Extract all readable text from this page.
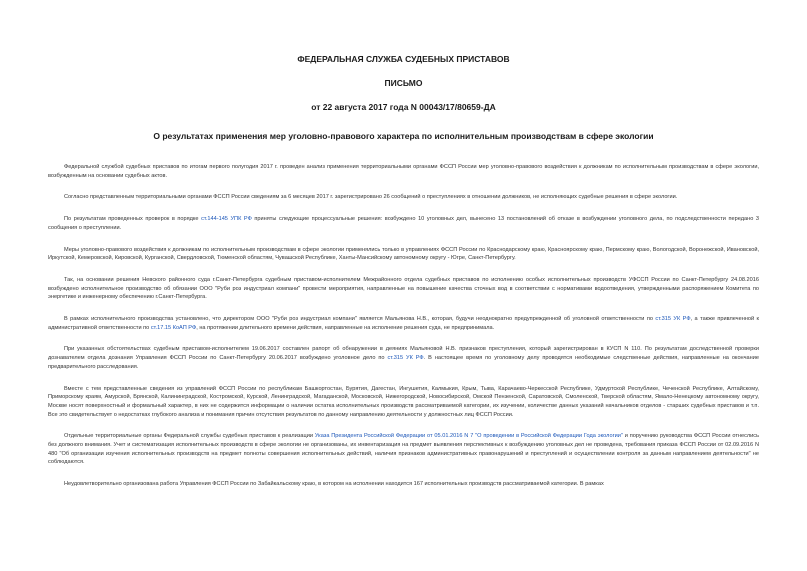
ФЕДЕРАЛЬНАЯ СЛУЖБА СУДЕБНЫХ ПРИСТАВОВ
ПИСЬМО
от 22 августа 2017 года N 00043/17/80659-ДА
О результатах применения мер уголовно-правового характера по исполнительным производствам в сфере экологии

Федеральной службой судебных приставов по итогам первого полугодия 2017 г. проведен анализ применения территориальными органами ФССП России мер уголовно-правового воздействия к должникам по исполнительным производствам в сфере экологии, возбужденным на основании судебных актов.

Согласно представленным территориальными органами ФССП России сведениям за 6 месяцев 2017 г. зарегистрировано 26 сообщений о преступлениях в отношении должников, не исполняющих судебные решения в сфере экологии.

По результатам проведенных проверок в порядке ст.144-145 УПК РФ приняты следующие процессуальные решения: возбуждено 10 уголовных дел, вынесено 13 постановлений об отказе в возбуждении уголовного дела, по подследственности передано 3 сообщения о преступлении.

Меры уголовно-правового воздействия к должникам по исполнительным производствам в сфере экологии применялись только в управлениях ФССП России по Краснодарскому краю, Красноярскому краю, Пермскому краю, Вологодской, Воронежской, Ивановской, Иркутской, Кемеровской, Кировской, Курганской, Свердловской, Тюменской областям, Чувашской Республике, Ханты-Мансийскому автономному округу - Югре, Санкт-Петербургу.

Так, на основании решения Невского районного суда г.Санкт-Петербурга судебным приставом-исполнителем Межрайонного отдела судебных приставов по исполнению особых исполнительных производств УФССП России по Санкт-Петербургу 24.08.2016 возбуждено исполнительное производство об обязании ООО "Руби роз индустриал компани" провести мероприятия, направленные на повышение качества сточных вод в соответствии с нормативами водоотведения, утвержденными распоряжением Комитета по энергетике и инженерному обеспечению г.Санкт-Петербурга.

В рамках исполнительного производства установлено, что директором ООО "Руби роз индустриал компани" является Мальянова Н.В., которая, будучи неоднократно предупрежденной об уголовной ответственности по ст.315 УК РФ, а также привлеченной к административной ответственности по ст.17.15 КоАП РФ, на протяжении длительного времени действия, направленные на исполнение решения суда, не предпринимала.

При указанных обстоятельствах судебным приставом-исполнителем 19.06.2017 составлен рапорт об обнаружении в деяниях Мальяновой Н.В. признаков преступления, который зарегистрирован в КУСП N 110. По результатам доследственной проверки дознавателем отдела дознания Управления ФССП России по Санкт-Петербургу 20.06.2017 возбуждено уголовное дело по ст.315 УК РФ. В настоящее время по уголовному делу проводятся необходимые следственные действия, направленные на окончание предварительного расследования.

Вместе с тем представленные сведения из управлений ФССП России по республикам Башкортостан, Бурятия, Дагестан, Ингушетия, Калмыкия, Крым, Тыва, Карачаево-Черкесской Республике, Удмуртской Республике, Чеченской Республике, Алтайскому, Приморскому краям, Амурской, Брянской, Калининградской, Костромской, Курской, Ленинградской, Магаданской, Московской, Нижегородской, Новосибирской, Омской Пензенской, Саратовской, Смоленской, Тверской областям, Ямало-Ненецкому автономному округу, Москве носят поверхностный и формальный характер, в них не содержится информации о наличии остатка исполнительных производств рассматриваемой категории, их изучении, количестве данных указаний начальников отделов - старших судебных приставов и т.п. Все это свидетельствует о недостатках глубокого анализа и понимания причин отсутствия результатов по данному направлению деятельности у должностных лиц ФССП России.

Отдельные территориальные органы Федеральной службы судебных приставов к реализации Указа Президента Российской Федерации от 05.01.2016 N 7 "О проведении в Российской Федерации Года экологии" и поручению руководства ФССП России отнеслись без должного внимания. Учет и систематизация исполнительных производств в сфере экологии не организованы, их инвентаризация на предмет выявления перспективных к возбуждению уголовных дел не проведена, требования приказа ФССП России от 02.09.2016 N 480 "Об организации изучения исполнительных производств на предмет полноты совершения исполнительных действий, наличия признаков административных правонарушений и преступлений и осуществлении контроля за данным направлением деятельности" не соблюдаются.

Неудовлетворительно организована работа Управления ФССП России по Забайкальскому краю, в котором на исполнении находится 167 исполнительных производств рассматриваемой категории. В рамках
